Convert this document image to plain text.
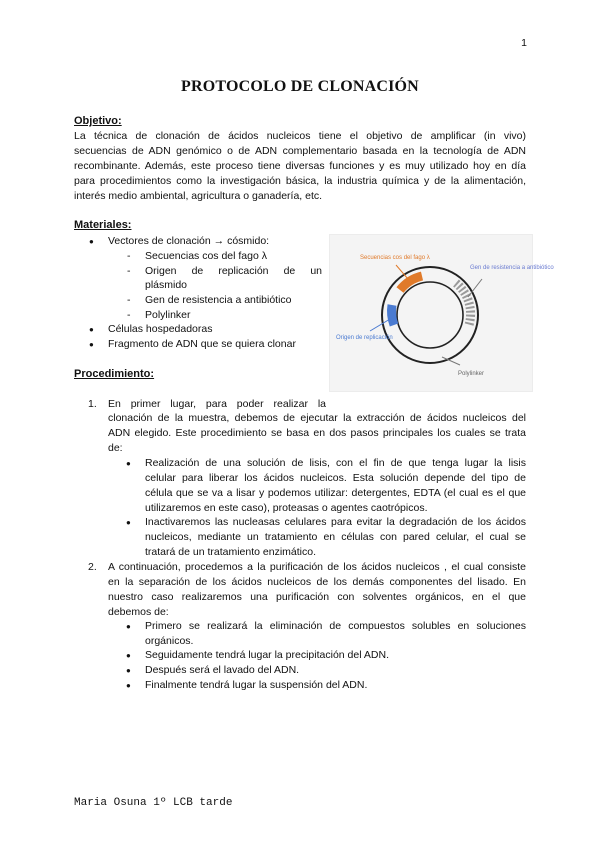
1
PROTOCOLO DE CLONACIÓN
Objetivo:
La técnica de clonación de ácidos nucleicos tiene el objetivo de amplificar (in vivo)
secuencias de ADN genómico o de ADN complementario basada en la tecnología de ADN
recombinante. Además, este proceso tiene diversas funciones y es muy utilizado hoy en día
para procedimientos como la investigación básica, la industria química y de la alimentación,
interés medio ambiental, agricultura o ganadería, etc.
Materiales:
● Vectores de clonación → cósmido:
- Secuencias cos del fago λ
- Origen de replicación de un
plásmido
- Gen de resistencia a antibiótico
- Polylinker
● Células hospedadoras
● Fragmento de ADN que se quiera clonar
Secuencias cos del fago λ
Gen de resistencia a antibiótico
Origen de replicación
Polylinker
Procedimiento:
1. En primer lugar, para poder realizar la
clonación de la muestra, debemos de ejecutar la extracción de ácidos nucleicos del
ADN elegido. Este procedimiento se basa en dos pasos principales los cuales se trata
de:
● Realización de una solución de lisis, con el fin de que tenga lugar la lisis
celular para liberar los ácidos nucleicos. Esta solución depende del tipo de
célula que se va a lisar y podemos utilizar: detergentes, EDTA (el cual es el que
utilizaremos en este caso), proteasas o agentes caotrópicos.
● Inactivaremos las nucleasas celulares para evitar la degradación de los ácidos
nucleicos, mediante un tratamiento en células con pared celular, el cual se
tratará de un tratamiento enzimático.
2. A continuación, procedemos a la purificación de los ácidos nucleicos , el cual consiste
en la separación de los ácidos nucleicos de los demás componentes del lisado. En
nuestro caso realizaremos una purificación con solventes orgánicos, en el que
debemos de:
● Primero se realizará la eliminación de compuestos solubles en soluciones
orgánicos.
● Seguidamente tendrá lugar la precipitación del ADN.
● Después será el lavado del ADN.
● Finalmente tendrá lugar la suspensión del ADN.
Maria Osuna 1º LCB tarde
